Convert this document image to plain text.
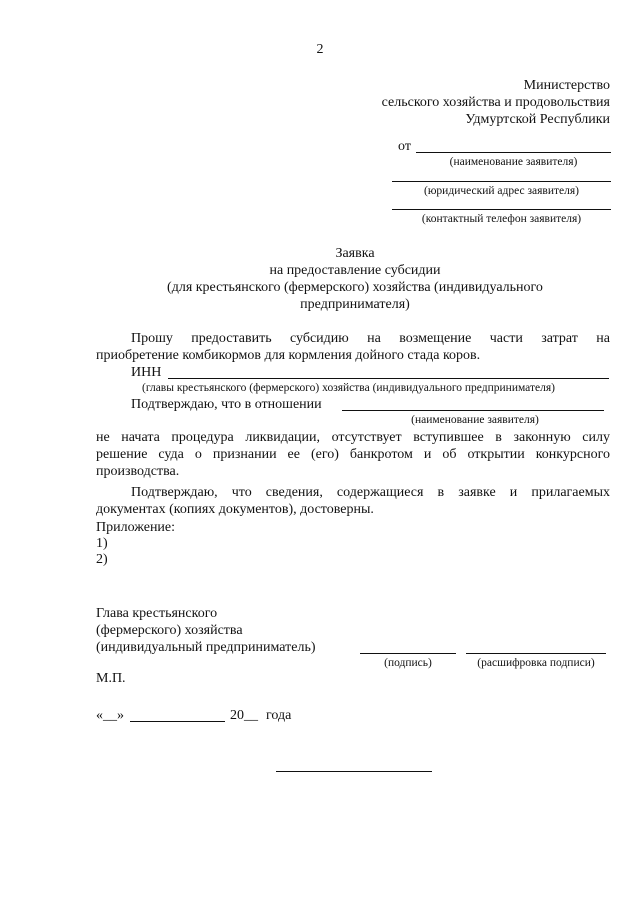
2
Министерство
сельского хозяйства и продовольствия
Удмуртской Республики
от
(наименование заявителя)
(юридический адрес заявителя)
(контактный телефон заявителя)
Заявка
на предоставление субсидии
(для крестьянского (фермерского) хозяйства (индивидуального
предпринимателя)
Прошу предоставить субсидию на возмещение части затрат на
приобретение комбикормов для кормления дойного стада коров.
ИНН
(главы крестьянского (фермерского) хозяйства (индивидуального предпринимателя)
Подтверждаю, что в отношении
(наименование заявителя)
не начата процедура ликвидации, отсутствует вступившее в законную силу
решение суда о признании ее (его) банкротом и об открытии конкурсного
производства.
Подтверждаю, что сведения, содержащиеся в заявке и прилагаемых
документах (копиях документов), достоверны.
Приложение:
1)
2)
Глава крестьянского
(фермерского) хозяйства
(индивидуальный предприниматель)
(подпись)	(расшифровка подписи)
М.П.
«__»	20__ года
